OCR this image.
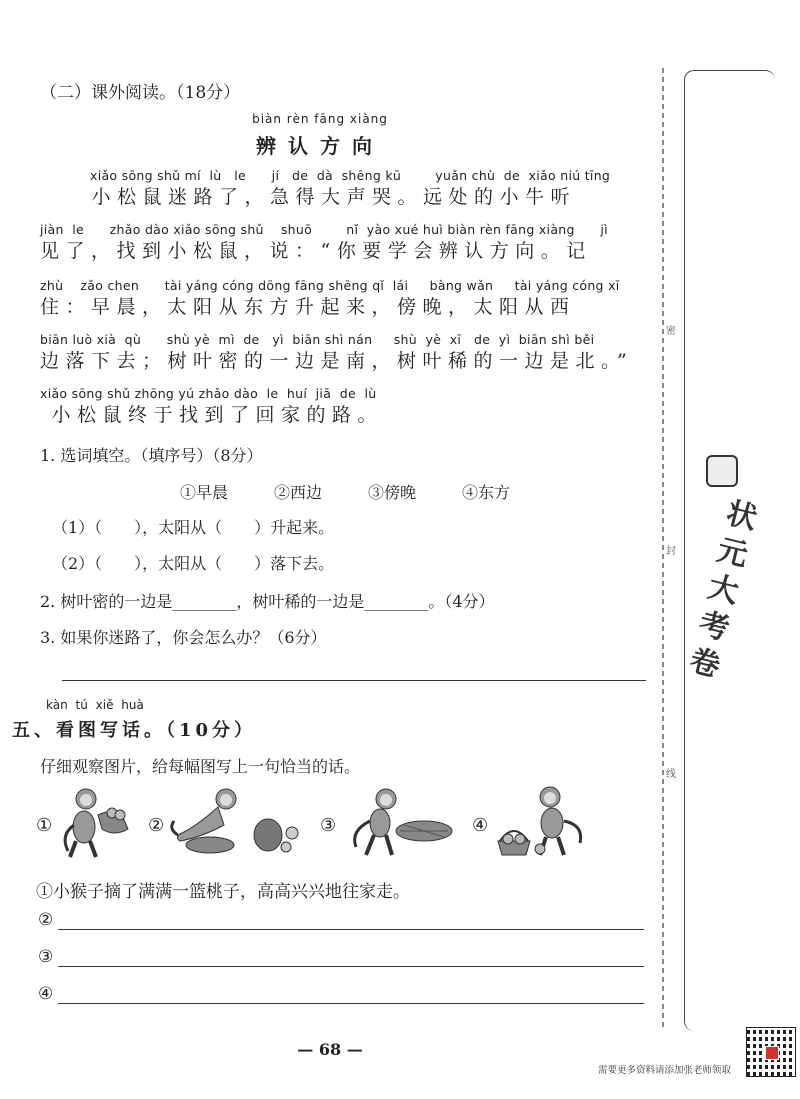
（二）课外阅读。（18分）
biàn rèn fāng xiàng
辨认方向
xiǎo sōng shǔ mí  lù   le      jí   de  dà  shēng kū        yuǎn chù  de  xiǎo niú tīng
　小松鼠迷路了，急得大声哭。远处的小牛听
jiàn  le      zhǎo dào xiǎo sōng shǔ    shuō        nǐ  yào xué huì biàn rèn fāng xiàng      jì
见了，找到小松鼠，说：“你要学会辨认方向。记
zhù    zǎo chen      tài yáng cóng dōng fāng shēng qǐ  lái     bàng wǎn     tài yáng cóng xī
住：早晨，太阳从东方升起来，傍晚，太阳从西
biān luò xià  qù      shù yè  mì  de   yì  biān shì nán     shù  yè  xī   de  yì  biān shì běi
边落下去；树叶密的一边是南，树叶稀的一边是北。”
xiǎo sōng shǔ zhōng yú zhǎo dào  le  huí  jiā  de  lù
　小松鼠终于找到了回家的路。
1. 选词填空。（填序号）（8分）
①早晨	②西边	③傍晚	④东方
（1）（　　），太阳从（　　）升起来。
（2）（　　），太阳从（　　）落下去。
2. 树叶密的一边是________，树叶稀的一边是________。（4分）
3. 如果你迷路了，你会怎么办？（6分）
kàn tú xiě huà
五、看图写话。（10分）
仔细观察图片，给每幅图写上一句恰当的话。
①	②	③	④
①小猴子摘了满满一篮桃子，高高兴兴地往家走。
②
③
④
密
封
线
状元大考卷
— 68 —
需要更多资料请添加张老师领取
